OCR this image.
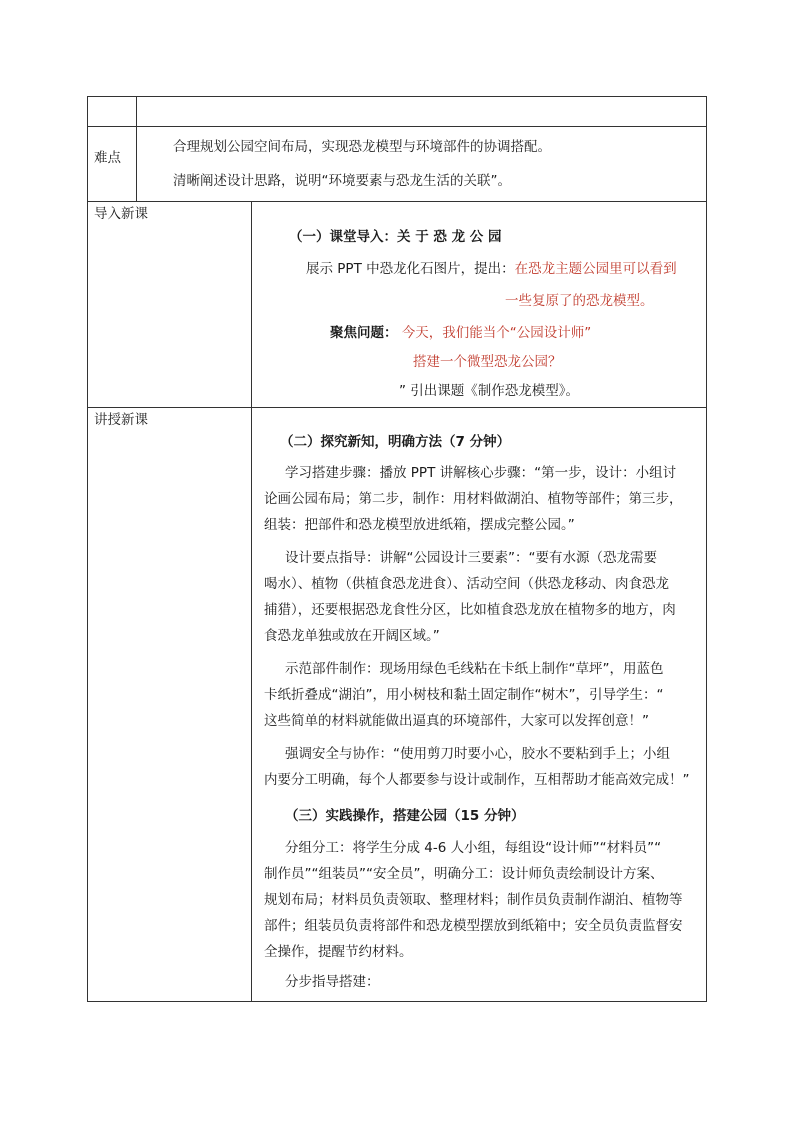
难点
合理规划公园空间布局，实现恐龙模型与环境部件的协调搭配。
清晰阐述设计思路，说明“环境要素与恐龙生活的关联”。
导入新课
（一）课堂导入：关 于 恐 龙 公 园
展示 PPT 中恐龙化石图片，提出：在恐龙主题公园里可以看到
一些复原了的恐龙模型。
聚焦问题： 今天，我们能当个“公园设计师”
搭建一个微型恐龙公园？
” 引出课题《制作恐龙模型》。
讲授新课
（二）探究新知，明确方法（7 分钟）
学习搭建步骤：播放 PPT 讲解核心步骤：“第一步，设计：小组讨
论画公园布局；第二步，制作：用材料做湖泊、植物等部件；第三步，
组装：把部件和恐龙模型放进纸箱，摆成完整公园。”
设计要点指导：讲解“公园设计三要素”：“要有水源（恐龙需要
喝水）、植物（供植食恐龙进食）、活动空间（供恐龙移动、肉食恐龙
捕猎），还要根据恐龙食性分区，比如植食恐龙放在植物多的地方，肉
食恐龙单独或放在开阔区域。”
示范部件制作：现场用绿色毛线粘在卡纸上制作“草坪”，用蓝色
卡纸折叠成“湖泊”，用小树枝和黏土固定制作“树木”，引导学生：“
这些简单的材料就能做出逼真的环境部件，大家可以发挥创意！”
强调安全与协作：“使用剪刀时要小心，胶水不要粘到手上；小组
内要分工明确，每个人都要参与设计或制作，互相帮助才能高效完成！”
（三）实践操作，搭建公园（15 分钟）
分组分工：将学生分成 4-6 人小组，每组设“设计师”“材料员”“
制作员”“组装员”“安全员”，明确分工：设计师负责绘制设计方案、
规划布局；材料员负责领取、整理材料；制作员负责制作湖泊、植物等
部件；组装员负责将部件和恐龙模型摆放到纸箱中；安全员负责监督安
全操作，提醒节约材料。
分步指导搭建：
